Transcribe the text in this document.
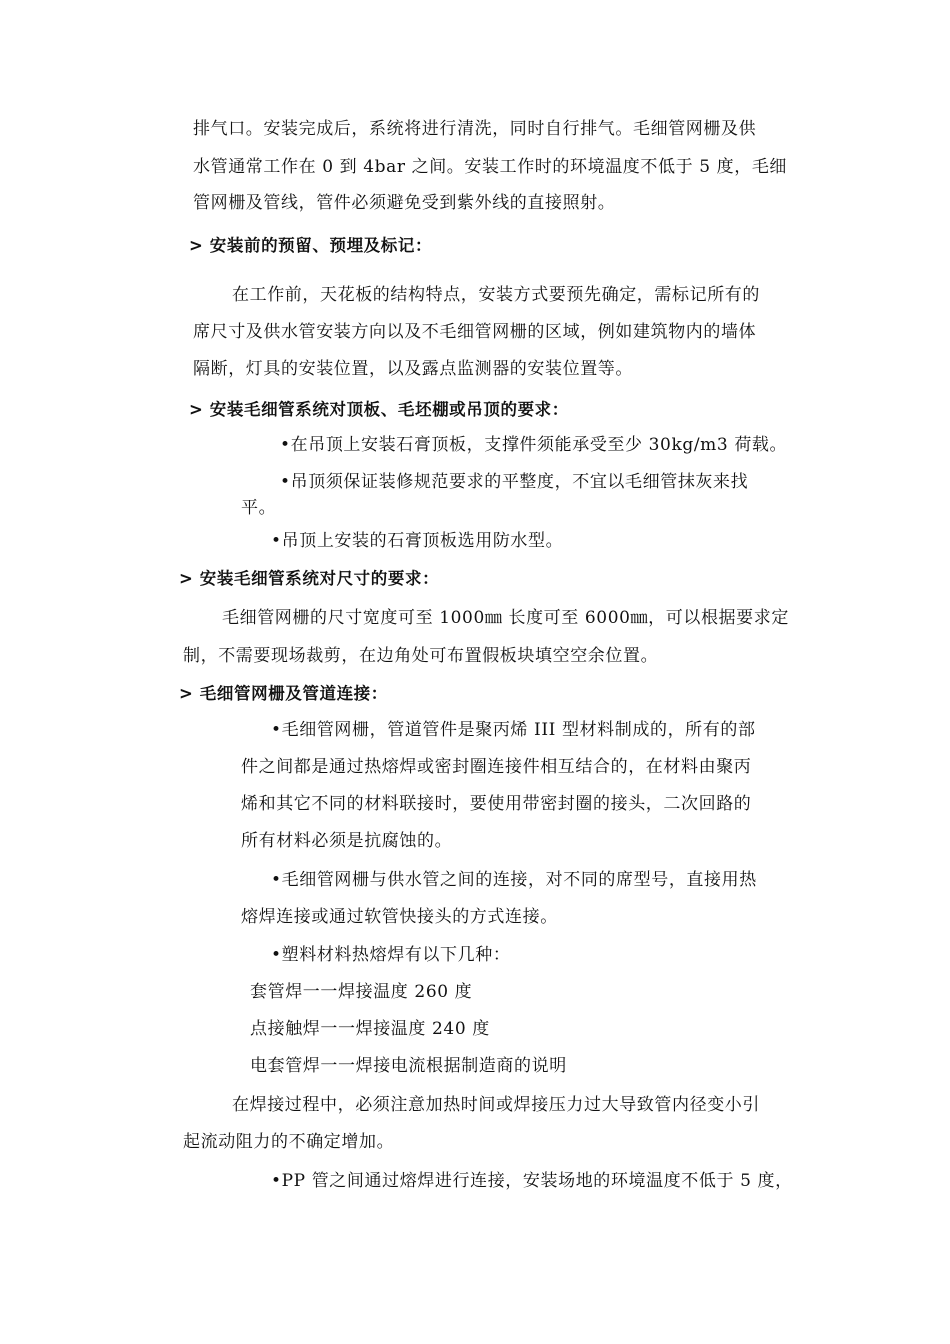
排气口。安装完成后，系统将进行清洗，同时自行排气。毛细管网栅及供
水管通常工作在 0 到 4bar 之间。安装工作时的环境温度不低于 5 度，毛细
管网栅及管线，管件必须避免受到紫外线的直接照射。
> 安装前的预留、预埋及标记：
在工作前，天花板的结构特点，安装方式要预先确定，需标记所有的
席尺寸及供水管安装方向以及不毛细管网栅的区域，例如建筑物内的墙体
隔断，灯具的安装位置，以及露点监测器的安装位置等。
> 安装毛细管系统对顶板、毛坯棚或吊顶的要求：
•在吊顶上安装石膏顶板，支撑件须能承受至少 30kg/m3 荷载。
•吊顶须保证装修规范要求的平整度，不宜以毛细管抹灰来找
平。
•吊顶上安装的石膏顶板选用防水型。
> 安装毛细管系统对尺寸的要求：
毛细管网栅的尺寸宽度可至 1000㎜ 长度可至 6000㎜，可以根据要求定
制，不需要现场裁剪，在边角处可布置假板块填空空余位置。
> 毛细管网栅及管道连接：
•毛细管网栅，管道管件是聚丙烯 III 型材料制成的，所有的部
件之间都是通过热熔焊或密封圈连接件相互结合的，在材料由聚丙
烯和其它不同的材料联接时，要使用带密封圈的接头，二次回路的
所有材料必须是抗腐蚀的。
•毛细管网栅与供水管之间的连接，对不同的席型号，直接用热
熔焊连接或通过软管快接头的方式连接。
•塑料材料热熔焊有以下几种：
套管焊一一焊接温度 260 度
点接触焊一一焊接温度 240 度
电套管焊一一焊接电流根据制造商的说明
在焊接过程中，必须注意加热时间或焊接压力过大导致管内径变小引
起流动阻力的不确定增加。
•PP 管之间通过熔焊进行连接，安装场地的环境温度不低于 5 度，
